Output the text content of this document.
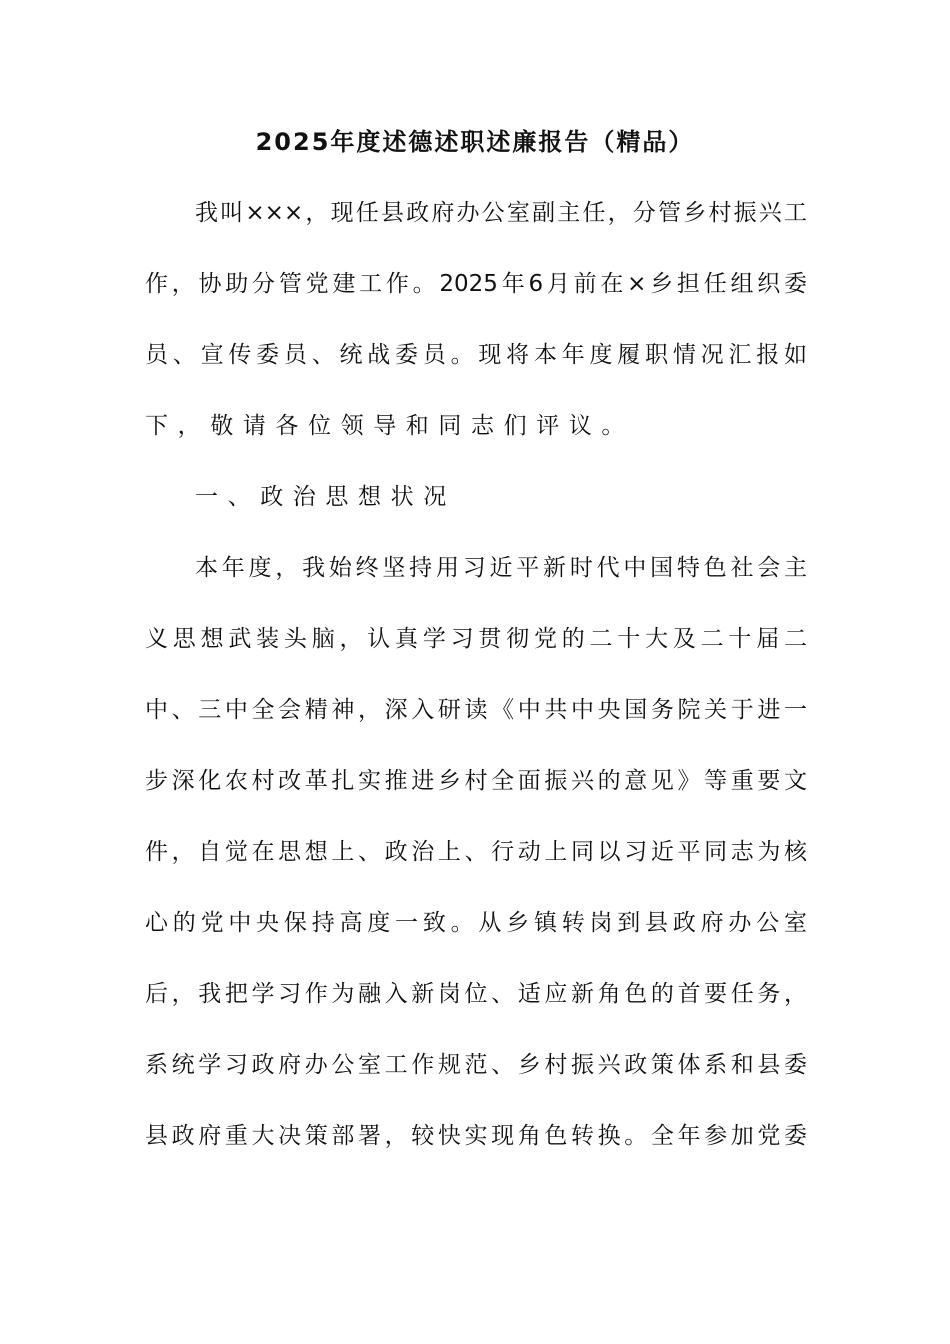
2025年度述德述职述廉报告（精品）
我叫×××，现任县政府办公室副主任，分管乡村振兴工
作，协助分管党建工作。2025年6月前在×乡担任组织委
员、宣传委员、统战委员。现将本年度履职情况汇报如
下，敬请各位领导和同志们评议。
一、政治思想状况
本年度，我始终坚持用习近平新时代中国特色社会主
义思想武装头脑，认真学习贯彻党的二十大及二十届二
中、三中全会精神，深入研读《中共中央国务院关于进一
步深化农村改革扎实推进乡村全面振兴的意见》等重要文
件，自觉在思想上、政治上、行动上同以习近平同志为核
心的党中央保持高度一致。从乡镇转岗到县政府办公室
后，我把学习作为融入新岗位、适应新角色的首要任务，
系统学习政府办公室工作规范、乡村振兴政策体系和县委
县政府重大决策部署，较快实现角色转换。全年参加党委
